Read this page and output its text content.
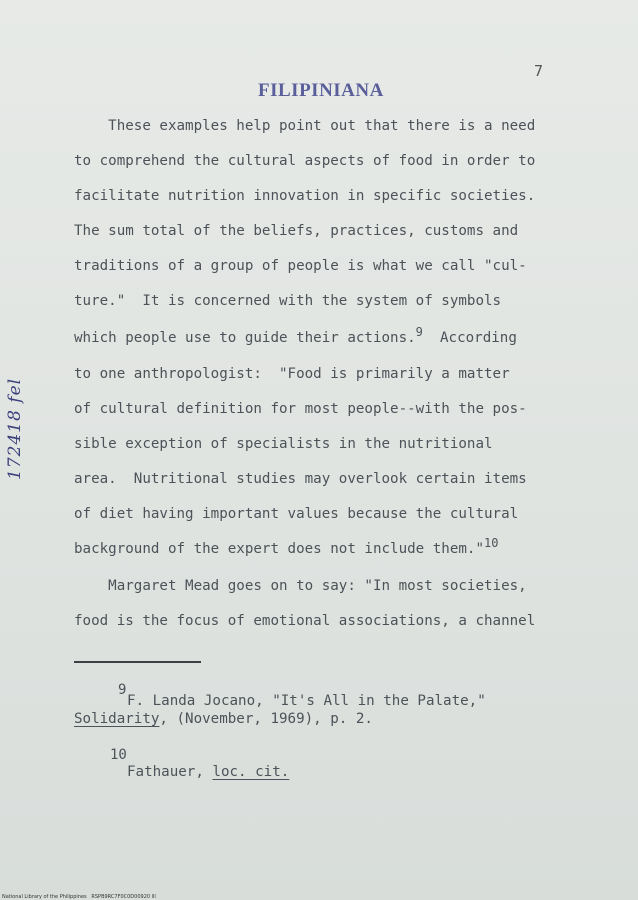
FILIPINIANA
7
172418 fel
These examples help point out that there is a need
to comprehend the cultural aspects of food in order to
facilitate nutrition innovation in specific societies.
The sum total of the beliefs, practices, customs and
traditions of a group of people is what we call "cul-
ture."  It is concerned with the system of symbols
which people use to guide their actions.$^9$  According
to one anthropologist:  "Food is primarily a matter
of cultural definition for most people--with the pos-
sible exception of specialists in the nutritional
area.  Nutritional studies may overlook certain items
of diet having important values because the cultural
background of the expert does not include them."$^{10}$
Margaret Mead goes on to say: "In most societies,
food is the focus of emotional associations, a channel
9
F. Landa Jocano, "It's All in the Palate,"
Solidarity, (November, 1969), p. 2.
10
Fathauer, loc. cit.
National Library of the Philippines   RSPB9RC7F0C0D00920 lll
